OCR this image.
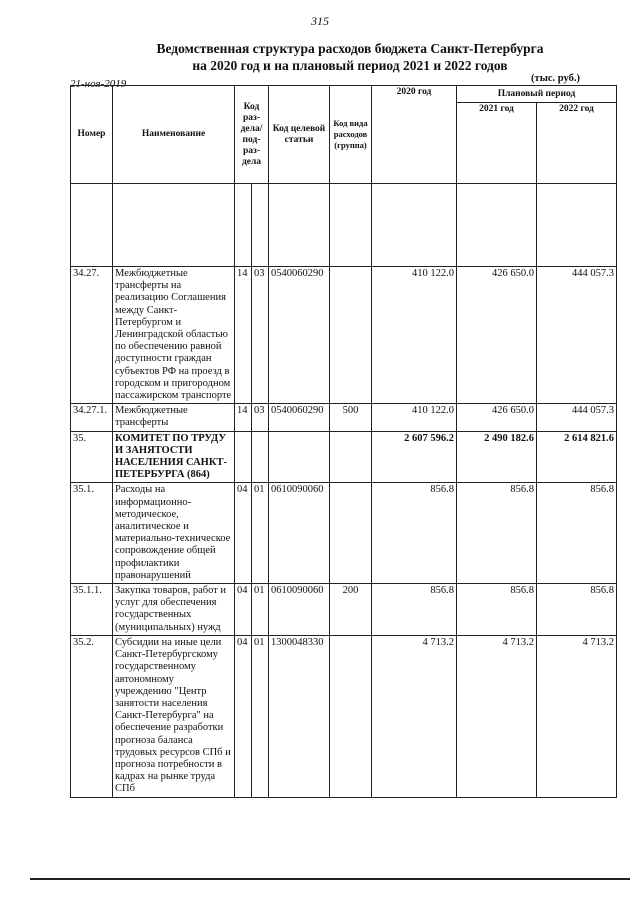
315
Ведомственная структура расходов бюджета Санкт-Петербурга
на 2020 год и на плановый период 2021 и 2022 годов
21-ноя-2019	(тыс. руб.)
Номер	Наименование	Код раз-дела/ под-раз-дела		Код целевой статьи	Код вида расходов (группа)	2020 год	Плановый период	
							2021 год	2022 год

34.27.	Межбюджетные трансферты на реализацию Соглашения между Санкт-Петербургом и Ленинградской областью по обеспечению равной доступности граждан субъектов РФ на проезд в городском и пригородном пассажирском транспорте	14	03	0540060290		410 122.0	426 650.0	444 057.3
34.27.1.	Межбюджетные трансферты	14	03	0540060290	500	410 122.0	426 650.0	444 057.3
35.	КОМИТЕТ ПО ТРУДУ И ЗАНЯТОСТИ НАСЕЛЕНИЯ САНКТ-ПЕТЕРБУРГА (864)					2 607 596.2	2 490 182.6	2 614 821.6
35.1.	Расходы на информационно-методическое, аналитическое и материально-техническое сопровождение общей профилактики правонарушений	04	01	0610090060		856.8	856.8	856.8
35.1.1.	Закупка товаров, работ и услуг для обеспечения государственных (муниципальных) нужд	04	01	0610090060	200	856.8	856.8	856.8
35.2.	Субсидии на иные цели Санкт-Петербургскому государственному автономному учреждению "Центр занятости населения Санкт-Петербурга" на обеспечение разработки прогноза баланса трудовых ресурсов СПб и прогноза потребности в кадрах на рынке труда СПб	04	01	1300048330		4 713.2	4 713.2	4 713.2
